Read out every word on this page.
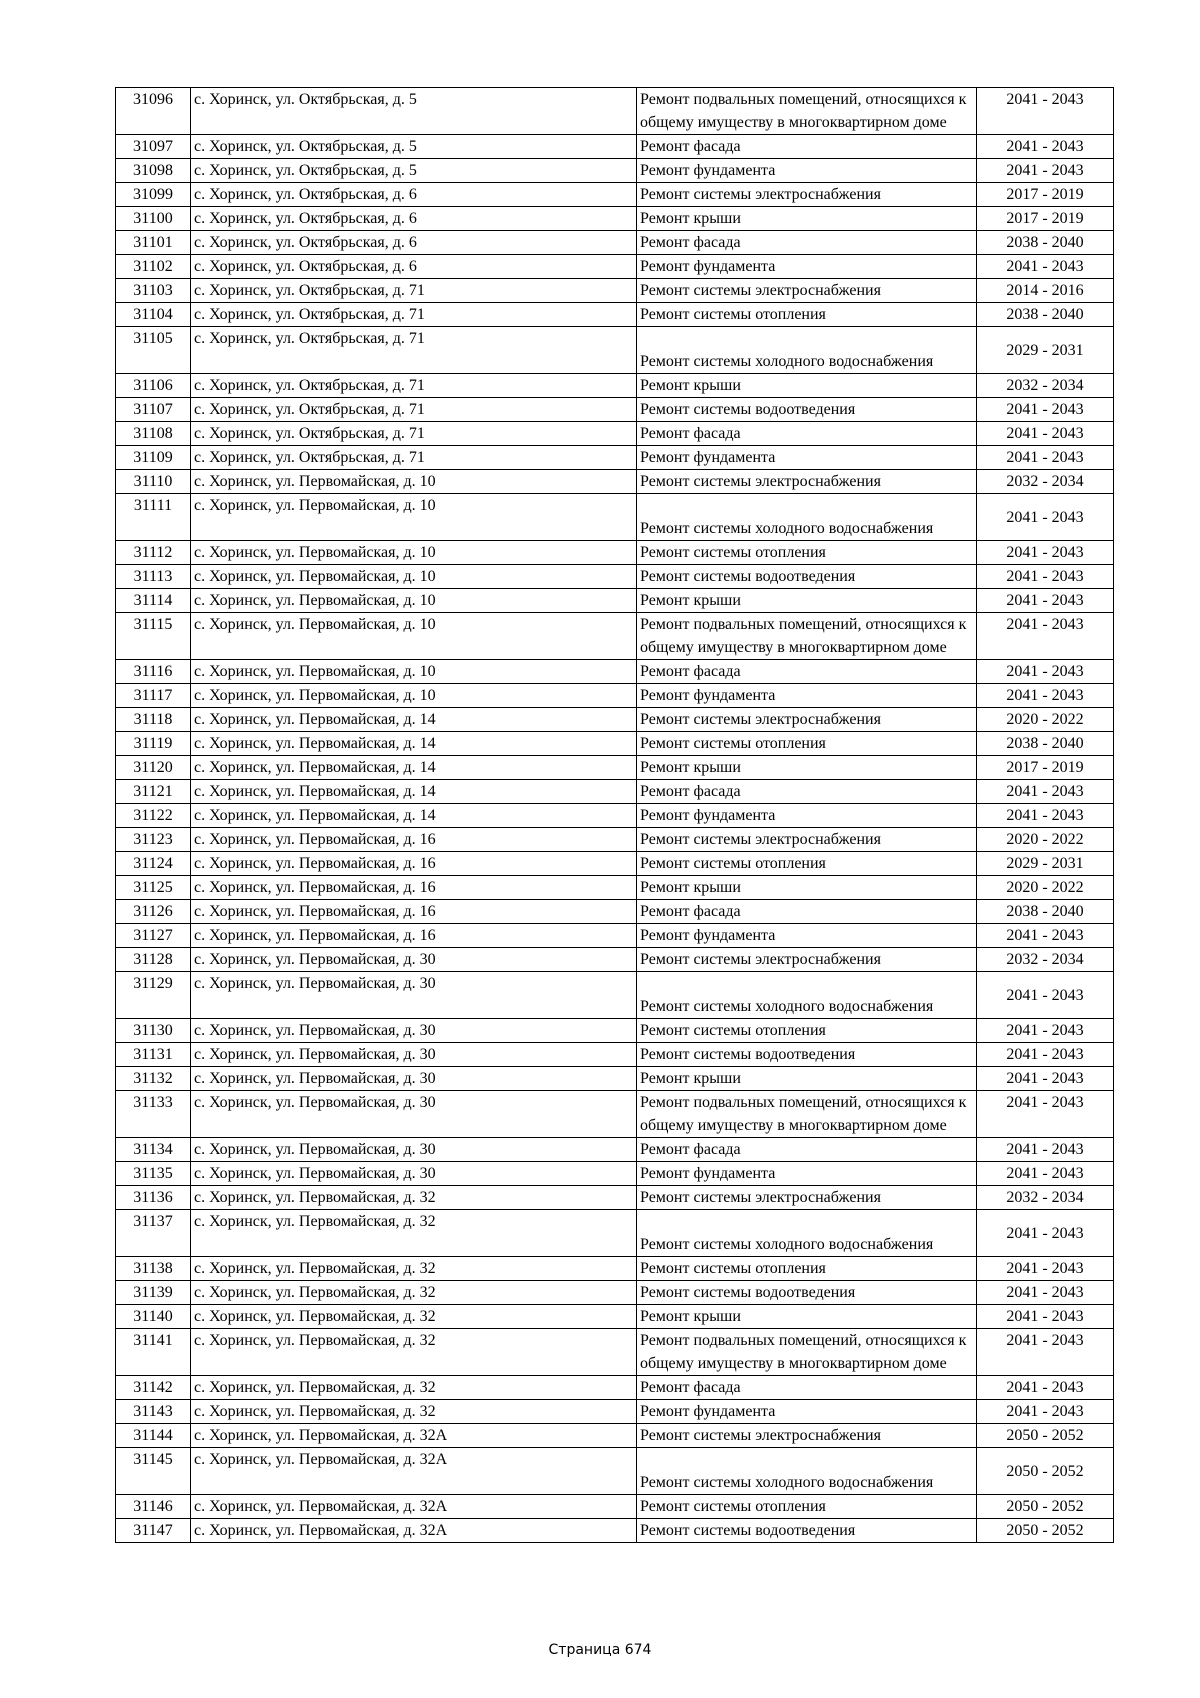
31096	с. Хоринск, ул. Октябрьская, д. 5	Ремонт подвальных помещений, относящихся к общему имуществу в многоквартирном доме	2041 - 2043
31097	с. Хоринск, ул. Октябрьская, д. 5	Ремонт фасада	2041 - 2043
31098	с. Хоринск, ул. Октябрьская, д. 5	Ремонт фундамента	2041 - 2043
31099	с. Хоринск, ул. Октябрьская, д. 6	Ремонт системы электроснабжения	2017 - 2019
31100	с. Хоринск, ул. Октябрьская, д. 6	Ремонт крыши	2017 - 2019
31101	с. Хоринск, ул. Октябрьская, д. 6	Ремонт фасада	2038 - 2040
31102	с. Хоринск, ул. Октябрьская, д. 6	Ремонт фундамента	2041 - 2043
31103	с. Хоринск, ул. Октябрьская, д. 71	Ремонт системы электроснабжения	2014 - 2016
31104	с. Хоринск, ул. Октябрьская, д. 71	Ремонт системы отопления	2038 - 2040
31105	с. Хоринск, ул. Октябрьская, д. 71	Ремонт системы холодного водоснабжения	2029 - 2031
31106	с. Хоринск, ул. Октябрьская, д. 71	Ремонт крыши	2032 - 2034
31107	с. Хоринск, ул. Октябрьская, д. 71	Ремонт системы водоотведения	2041 - 2043
31108	с. Хоринск, ул. Октябрьская, д. 71	Ремонт фасада	2041 - 2043
31109	с. Хоринск, ул. Октябрьская, д. 71	Ремонт фундамента	2041 - 2043
31110	с. Хоринск, ул. Первомайская, д. 10	Ремонт системы электроснабжения	2032 - 2034
31111	с. Хоринск, ул. Первомайская, д. 10	Ремонт системы холодного водоснабжения	2041 - 2043
31112	с. Хоринск, ул. Первомайская, д. 10	Ремонт системы отопления	2041 - 2043
31113	с. Хоринск, ул. Первомайская, д. 10	Ремонт системы водоотведения	2041 - 2043
31114	с. Хоринск, ул. Первомайская, д. 10	Ремонт крыши	2041 - 2043
31115	с. Хоринск, ул. Первомайская, д. 10	Ремонт подвальных помещений, относящихся к общему имуществу в многоквартирном доме	2041 - 2043
31116	с. Хоринск, ул. Первомайская, д. 10	Ремонт фасада	2041 - 2043
31117	с. Хоринск, ул. Первомайская, д. 10	Ремонт фундамента	2041 - 2043
31118	с. Хоринск, ул. Первомайская, д. 14	Ремонт системы электроснабжения	2020 - 2022
31119	с. Хоринск, ул. Первомайская, д. 14	Ремонт системы отопления	2038 - 2040
31120	с. Хоринск, ул. Первомайская, д. 14	Ремонт крыши	2017 - 2019
31121	с. Хоринск, ул. Первомайская, д. 14	Ремонт фасада	2041 - 2043
31122	с. Хоринск, ул. Первомайская, д. 14	Ремонт фундамента	2041 - 2043
31123	с. Хоринск, ул. Первомайская, д. 16	Ремонт системы электроснабжения	2020 - 2022
31124	с. Хоринск, ул. Первомайская, д. 16	Ремонт системы отопления	2029 - 2031
31125	с. Хоринск, ул. Первомайская, д. 16	Ремонт крыши	2020 - 2022
31126	с. Хоринск, ул. Первомайская, д. 16	Ремонт фасада	2038 - 2040
31127	с. Хоринск, ул. Первомайская, д. 16	Ремонт фундамента	2041 - 2043
31128	с. Хоринск, ул. Первомайская, д. 30	Ремонт системы электроснабжения	2032 - 2034
31129	с. Хоринск, ул. Первомайская, д. 30	Ремонт системы холодного водоснабжения	2041 - 2043
31130	с. Хоринск, ул. Первомайская, д. 30	Ремонт системы отопления	2041 - 2043
31131	с. Хоринск, ул. Первомайская, д. 30	Ремонт системы водоотведения	2041 - 2043
31132	с. Хоринск, ул. Первомайская, д. 30	Ремонт крыши	2041 - 2043
31133	с. Хоринск, ул. Первомайская, д. 30	Ремонт подвальных помещений, относящихся к общему имуществу в многоквартирном доме	2041 - 2043
31134	с. Хоринск, ул. Первомайская, д. 30	Ремонт фасада	2041 - 2043
31135	с. Хоринск, ул. Первомайская, д. 30	Ремонт фундамента	2041 - 2043
31136	с. Хоринск, ул. Первомайская, д. 32	Ремонт системы электроснабжения	2032 - 2034
31137	с. Хоринск, ул. Первомайская, д. 32	Ремонт системы холодного водоснабжения	2041 - 2043
31138	с. Хоринск, ул. Первомайская, д. 32	Ремонт системы отопления	2041 - 2043
31139	с. Хоринск, ул. Первомайская, д. 32	Ремонт системы водоотведения	2041 - 2043
31140	с. Хоринск, ул. Первомайская, д. 32	Ремонт крыши	2041 - 2043
31141	с. Хоринск, ул. Первомайская, д. 32	Ремонт подвальных помещений, относящихся к общему имуществу в многоквартирном доме	2041 - 2043
31142	с. Хоринск, ул. Первомайская, д. 32	Ремонт фасада	2041 - 2043
31143	с. Хоринск, ул. Первомайская, д. 32	Ремонт фундамента	2041 - 2043
31144	с. Хоринск, ул. Первомайская, д. 32А	Ремонт системы электроснабжения	2050 - 2052
31145	с. Хоринск, ул. Первомайская, д. 32А	Ремонт системы холодного водоснабжения	2050 - 2052
31146	с. Хоринск, ул. Первомайская, д. 32А	Ремонт системы отопления	2050 - 2052
31147	с. Хоринск, ул. Первомайская, д. 32А	Ремонт системы водоотведения	2050 - 2052
Страница 674
